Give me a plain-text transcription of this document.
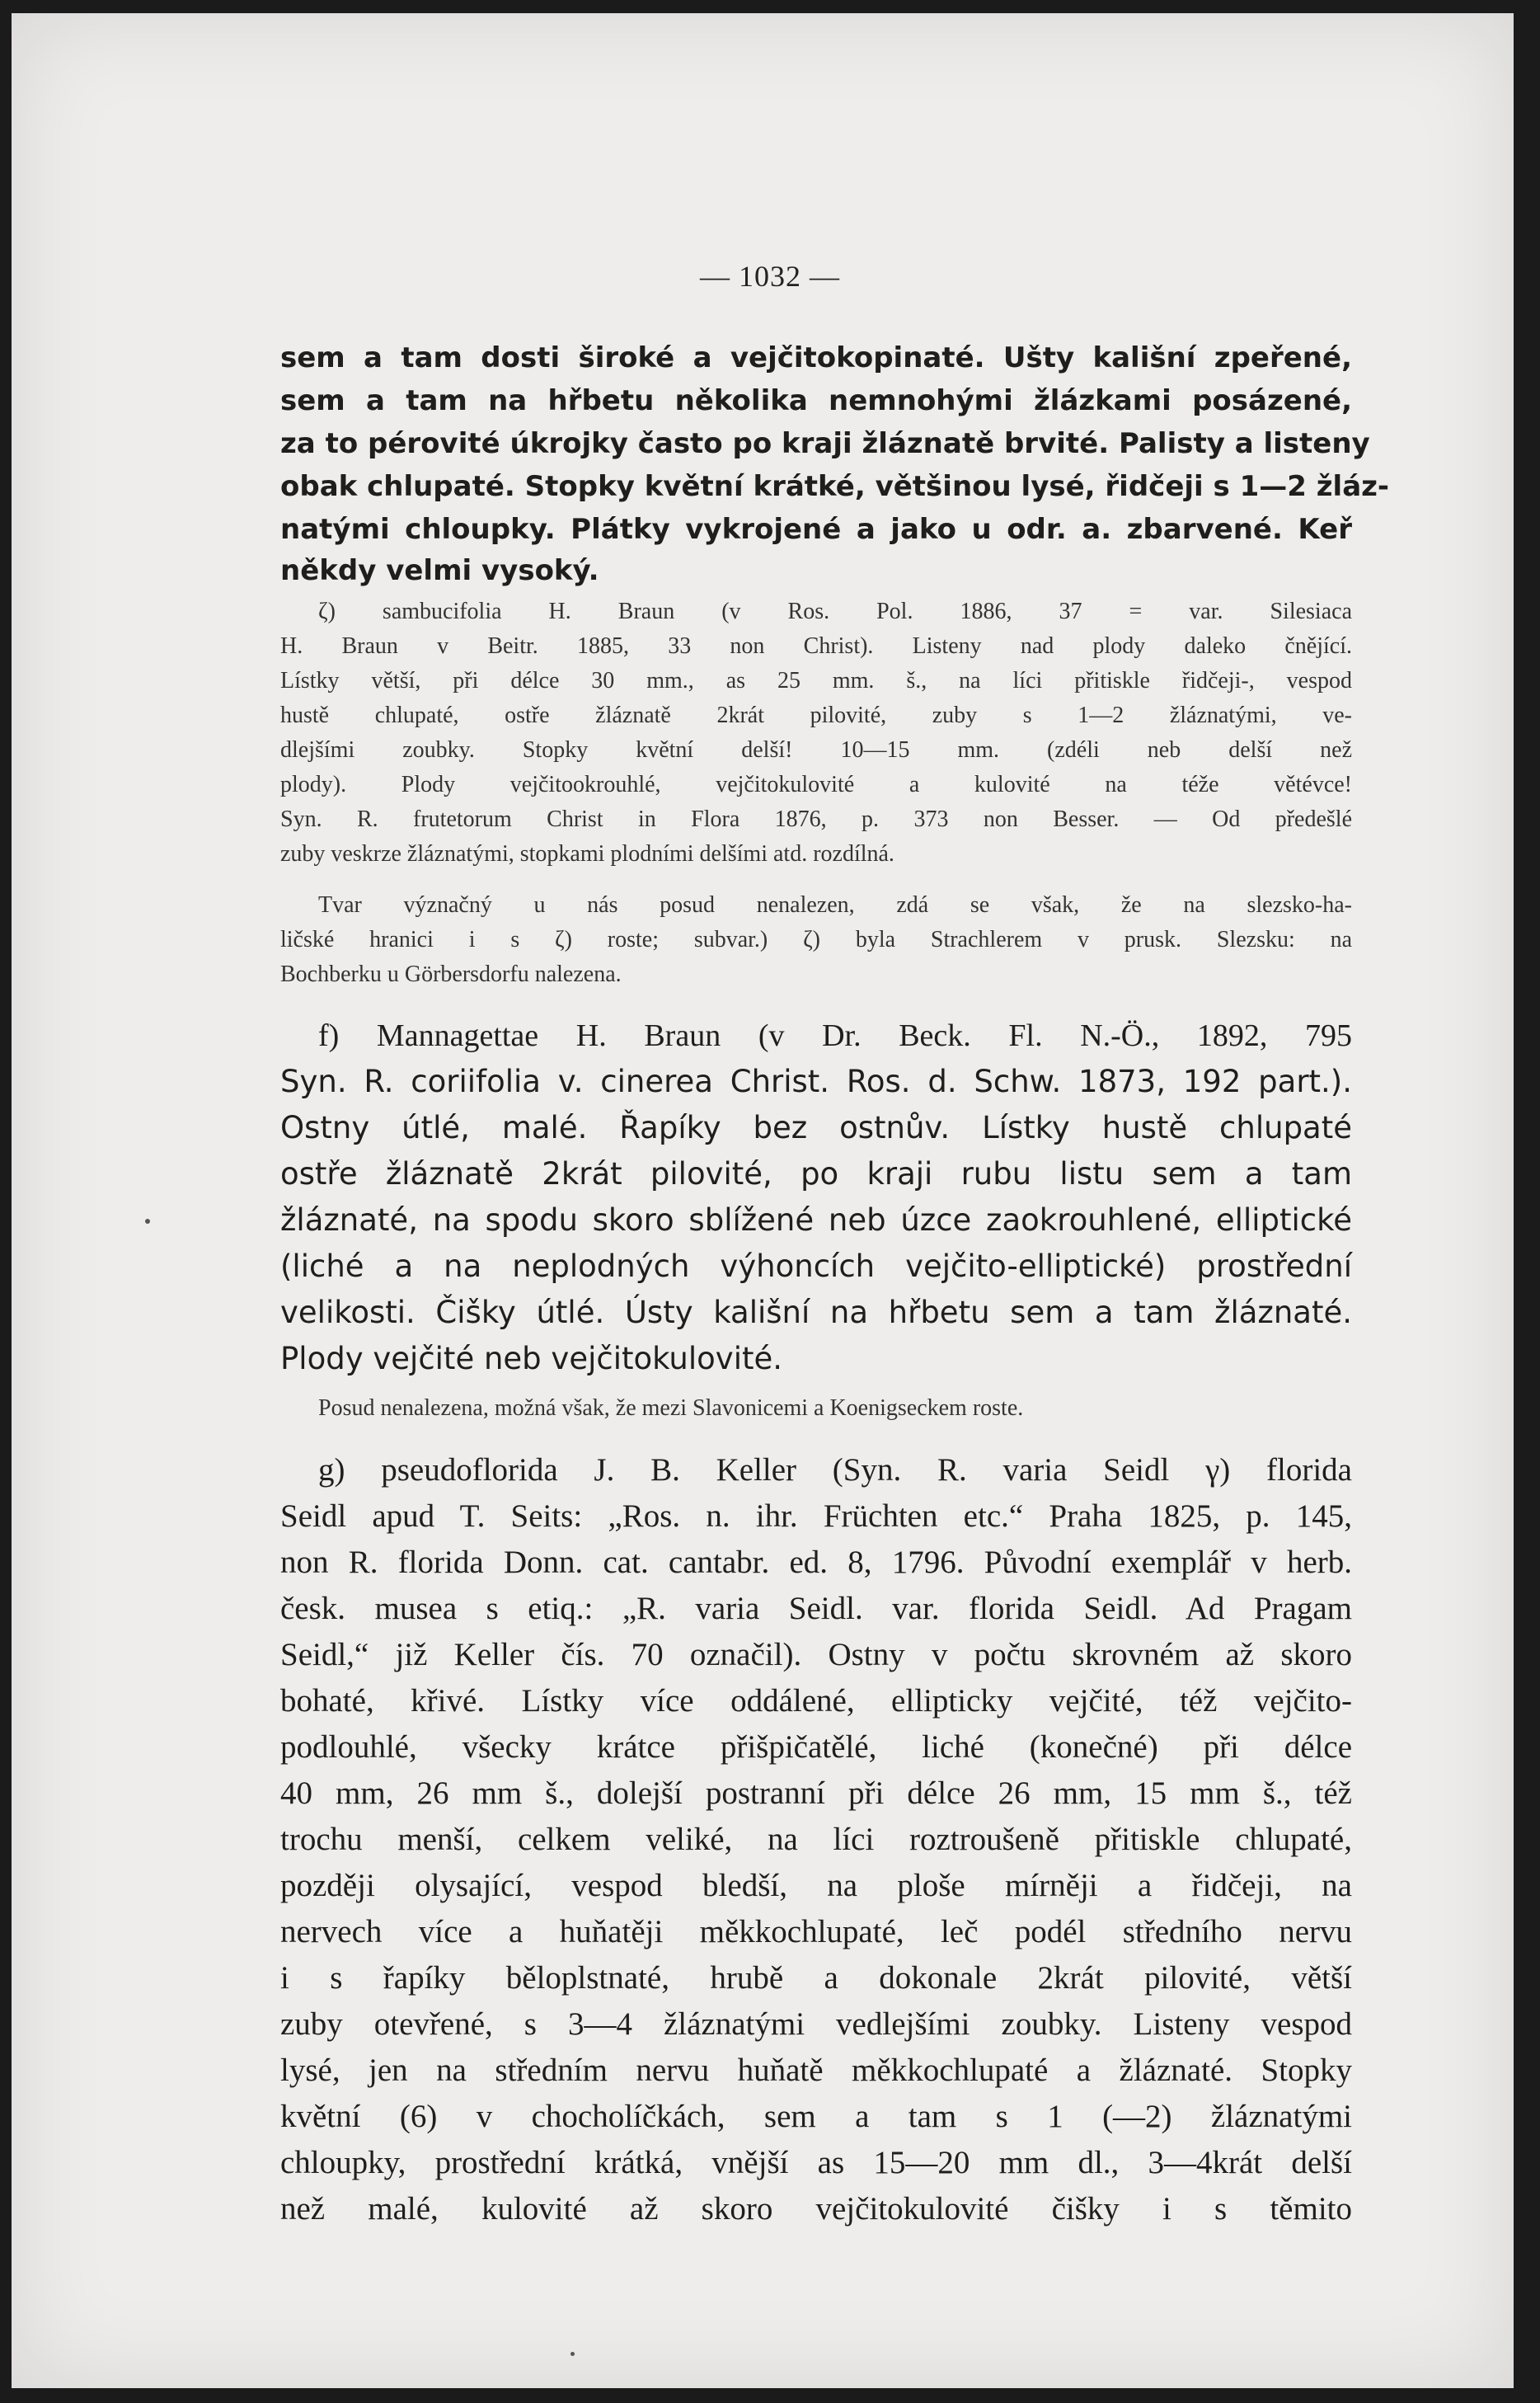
— 1032 —

sem a tam dosti široké a vejčitokopinaté. Ušty kališní zpeřené,

sem a tam na hřbetu několika nemnohými žlázkami posázené,

za to pérovité úkrojky často po kraji žláznatě brvité. Palisty a listeny

obak chlupaté. Stopky květní krátké, většinou lysé, řidčeji s 1—2 žláz-

natými chloupky. Plátky vykrojené a jako u odr. a. zbarvené. Keř

někdy velmi vysoký.

ζ) sambucifolia H. Braun (v Ros. Pol. 1886, 37 = var. Silesiaca

H. Braun v Beitr. 1885, 33 non Christ). Listeny nad plody daleko čnějící.

Lístky větší, při délce 30 mm., as 25 mm. š., na líci přitiskle řidčeji-, vespod

hustě chlupaté, ostře žláznatě 2krát pilovité, zuby s 1—2 žláznatými, ve-

dlejšími zoubky. Stopky květní delší! 10—15 mm. (zdéli neb delší než

plody). Plody vejčitookrouhlé, vejčitokulovité a kulovité na téže větévce!

Syn. R. frutetorum Christ in Flora 1876, p. 373 non Besser. — Od předešlé

zuby veskrze žláznatými, stopkami plodními delšími atd. rozdílná.

Tvar význačný u nás posud nenalezen, zdá se však, že na slezsko-ha-

ličské hranici i s ζ) roste; subvar.) ζ) byla Strachlerem v prusk. Slezsku: na

Bochberku u Görbersdorfu nalezena.

f) Mannagettae H. Braun (v Dr. Beck. Fl. N.-Ö., 1892, 795

Syn. R. coriifolia v. cinerea Christ. Ros. d. Schw. 1873, 192 part.).

Ostny útlé, malé. Řapíky bez ostnův. Lístky hustě chlupaté

ostře žláznatě 2krát pilovité, po kraji rubu listu sem a tam

žláznaté, na spodu skoro sblížené neb úzce zaokrouhlené, elliptické

(liché a na neplodných výhoncích vejčito-elliptické) prostřední

velikosti. Čišky útlé. Ústy kališní na hřbetu sem a tam žláznaté.

Plody vejčité neb vejčitokulovité.

Posud nenalezena, možná však, že mezi Slavonicemi a Koenigseckem roste.

g) pseudoflorida J. B. Keller (Syn. R. varia Seidl γ) florida

Seidl apud T. Seits: „Ros. n. ihr. Früchten etc.“ Praha 1825, p. 145,

non R. florida Donn. cat. cantabr. ed. 8, 1796. Původní exemplář v herb.

česk. musea s etiq.: „R. varia Seidl. var. florida Seidl. Ad Pragam

Seidl,“ již Keller čís. 70 označil). Ostny v počtu skrovném až skoro

bohaté, křivé. Lístky více oddálené, ellipticky vejčité, též vejčito-

podlouhlé, všecky krátce přišpičatělé, liché (konečné) při délce

40 mm, 26 mm š., dolejší postranní při délce 26 mm, 15 mm š., též

trochu menší, celkem veliké, na líci roztroušeně přitiskle chlupaté,

později olysající, vespod bledší, na ploše mírněji a řidčeji, na

nervech více a huňatěji měkkochlupaté, leč podél středního nervu

i s řapíky běloplstnaté, hrubě a dokonale 2krát pilovité, větší

zuby otevřené, s 3—4 žláznatými vedlejšími zoubky. Listeny vespod

lysé, jen na středním nervu huňatě měkkochlupaté a žláznaté. Stopky

květní (6) v chocholíčkách, sem a tam s 1 (—2) žláznatými

chloupky, prostřední krátká, vnější as 15—20 mm dl., 3—4krát delší

než malé, kulovité až skoro vejčitokulovité čišky i s těmito
